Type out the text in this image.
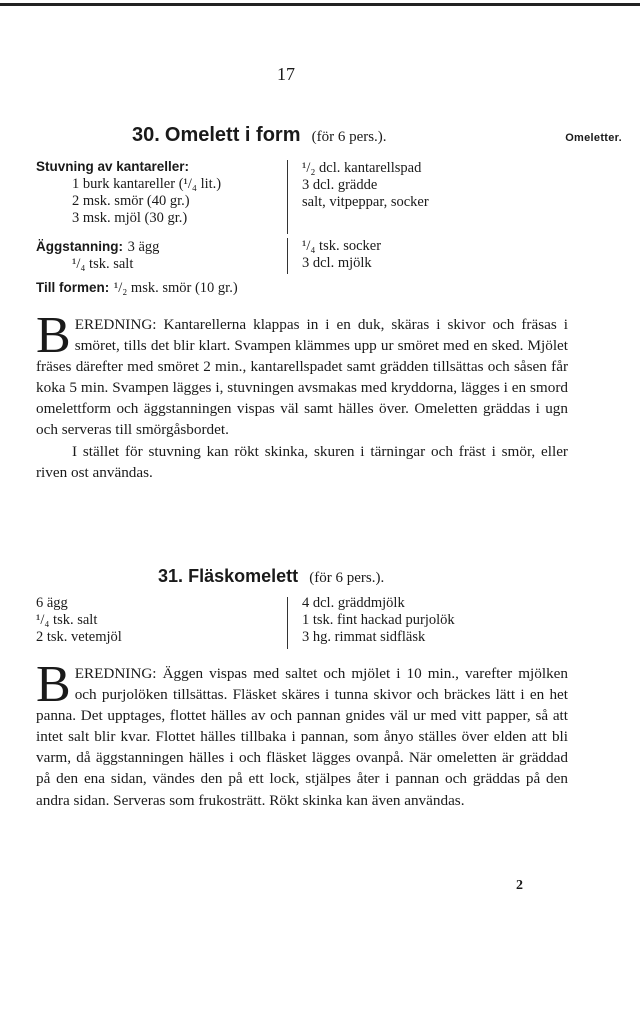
17
30. Omelett i form (för 6 pers.).	Omeletter.
Stuvning av kantareller:
1 burk kantareller (¹/₄ lit.)
2 msk. smör (40 gr.)
3 msk. mjöl (30 gr.)
¹/₂ dcl. kantarellspad
3 dcl. grädde
salt, vitpeppar, socker
Äggstanning: 3 ägg
¹/₄ tsk. salt
¹/₄ tsk. socker
3 dcl. mjölk
Till formen: ¹/₂ msk. smör (10 gr.)

BEREDNING: Kantarellerna klappas in i en duk, skäras i skivor och fräsas i smöret, tills det blir klart. Svampen klämmes upp ur smöret med en sked. Mjölet fräses därefter med smöret 2 min., kantarellspadet samt grädden tillsättas och såsen får koka 5 min. Svampen lägges i, stuvningen avsmakas med kryddorna, lägges i en smord omelettform och äggstanningen vispas väl samt hälles över. Omeletten gräddas i ugn och serveras till smörgåsbordet.

I stället för stuvning kan rökt skinka, skuren i tärningar och fräst i smör, eller riven ost användas.

31. Fläskomelett (för 6 pers.).
6 ägg
¹/₄ tsk. salt
2 tsk. vetemjöl
4 dcl. gräddmjölk
1 tsk. fint hackad purjolök
3 hg. rimmat sidfläsk

BEREDNING: Äggen vispas med saltet och mjölet i 10 min., varefter mjölken och purjolöken tillsättas. Fläsket skäres i tunna skivor och bräckes lätt i en het panna. Det upptages, flottet hälles av och pannan gnides väl ur med vitt papper, så att intet salt blir kvar. Flottet hälles tillbaka i pannan, som ånyo ställes över elden att bli varm, då äggstanningen hälles i och fläsket lägges ovanpå. När omeletten är gräddad på den ena sidan, vändes den på ett lock, stjälpes åter i pannan och gräddas på den andra sidan. Serveras som frukosträtt. Rökt skinka kan även användas.

2
